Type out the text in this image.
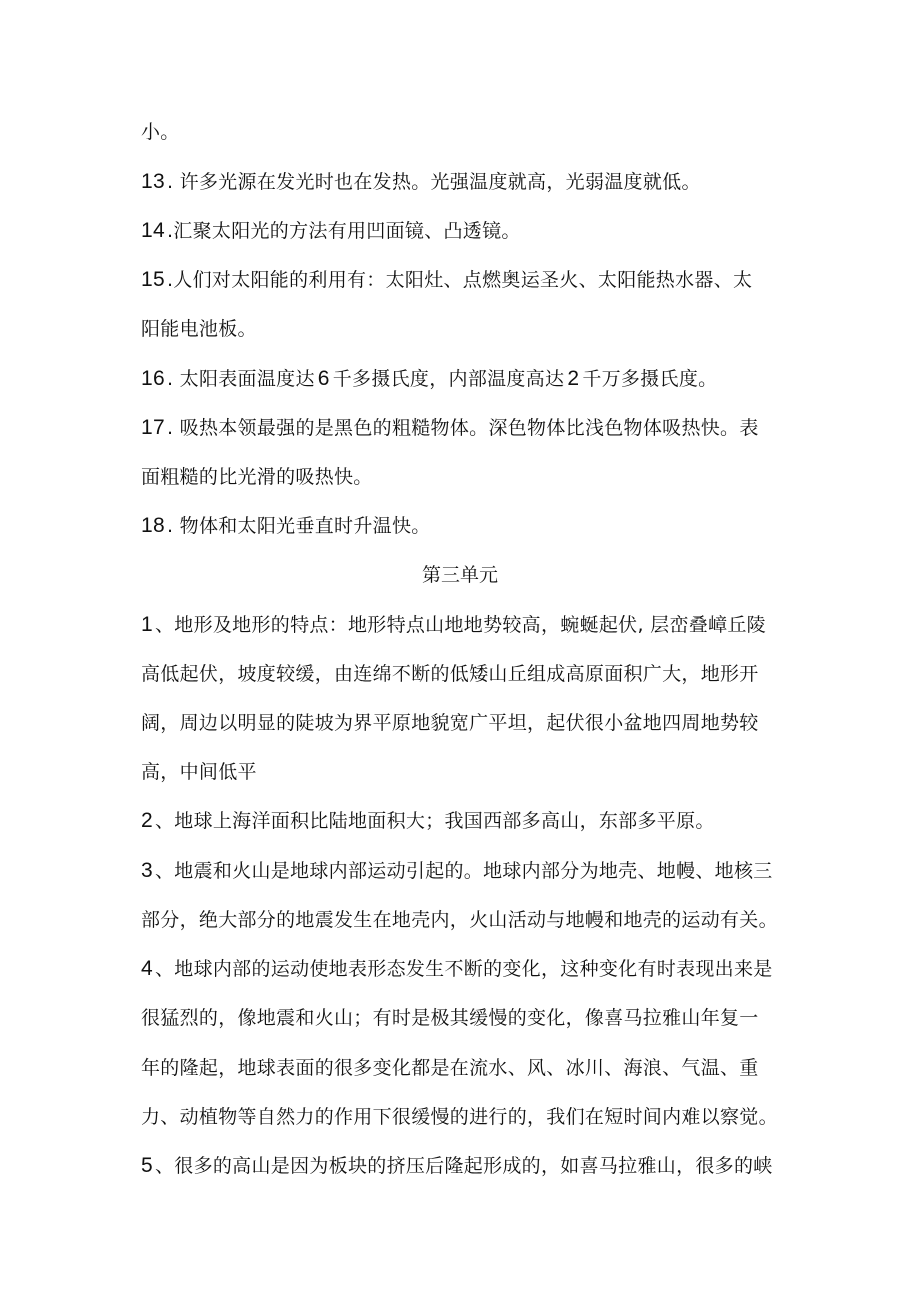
小。
13 . 许多光源在发光时也在发热。光强温度就高，光弱温度就低。
14 .汇聚太阳光的方法有用凹面镜、凸透镜。
15 .人们对太阳能的利用有：太阳灶、点燃奥运圣火、太阳能热水器、太
阳能电池板。
16 . 太阳表面温度达 6 千多摄氏度，内部温度高达 2 千万多摄氏度。
17 . 吸热本领最强的是黑色的粗糙物体。深色物体比浅色物体吸热快。表
面粗糙的比光滑的吸热快。
18 . 物体和太阳光垂直时升温快。
第三单元
1 、地形及地形的特点：地形特点山地地势较高，蜿蜒起伏, 层峦叠嶂丘陵
高低起伏，坡度较缓，由连绵不断的低矮山丘组成高原面积广大，地形开
阔，周边以明显的陡坡为界平原地貌宽广平坦，起伏很小盆地四周地势较
高，中间低平
2 、地球上海洋面积比陆地面积大；我国西部多高山，东部多平原。
3 、地震和火山是地球内部运动引起的。地球内部分为地壳、地幔、地核三
部分，绝大部分的地震发生在地壳内，火山活动与地幔和地壳的运动有关。
4 、地球内部的运动使地表形态发生不断的变化，这种变化有时表现出来是
很猛烈的，像地震和火山；有时是极其缓慢的变化，像喜马拉雅山年复一
年的隆起，地球表面的很多变化都是在流水、风、冰川、海浪、气温、重
力、动植物等自然力的作用下很缓慢的进行的，我们在短时间内难以察觉。
5 、很多的高山是因为板块的挤压后隆起形成的，如喜马拉雅山，很多的峡
